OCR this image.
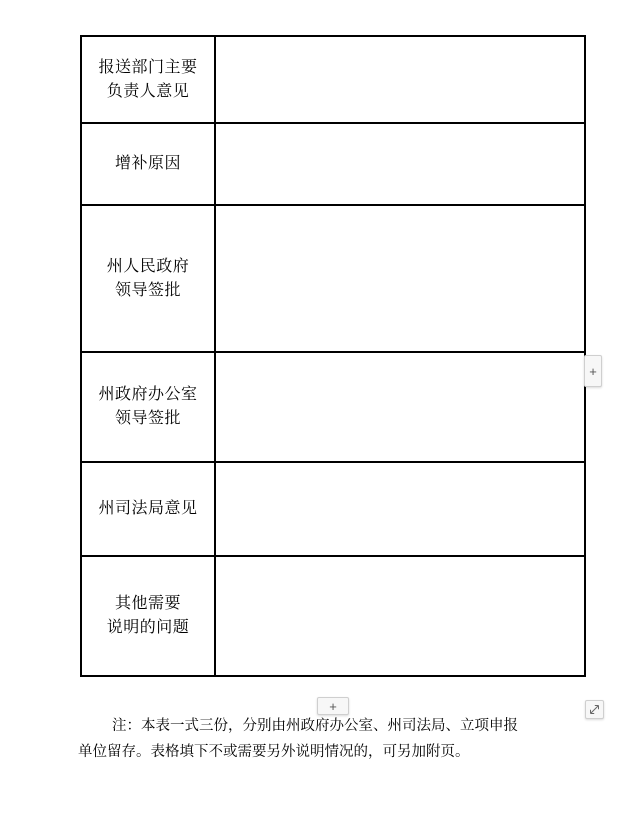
报送部门主要
负责人意见	

增补原因	

州人民政府
领导签批	

州政府办公室
领导签批	

州司法局意见	

其他需要
说明的问题	

+
+
注：本表一式三份，分别由州政府办公室、州司法局、立项申报
单位留存。表格填下不或需要另外说明情况的，可另加附页。
